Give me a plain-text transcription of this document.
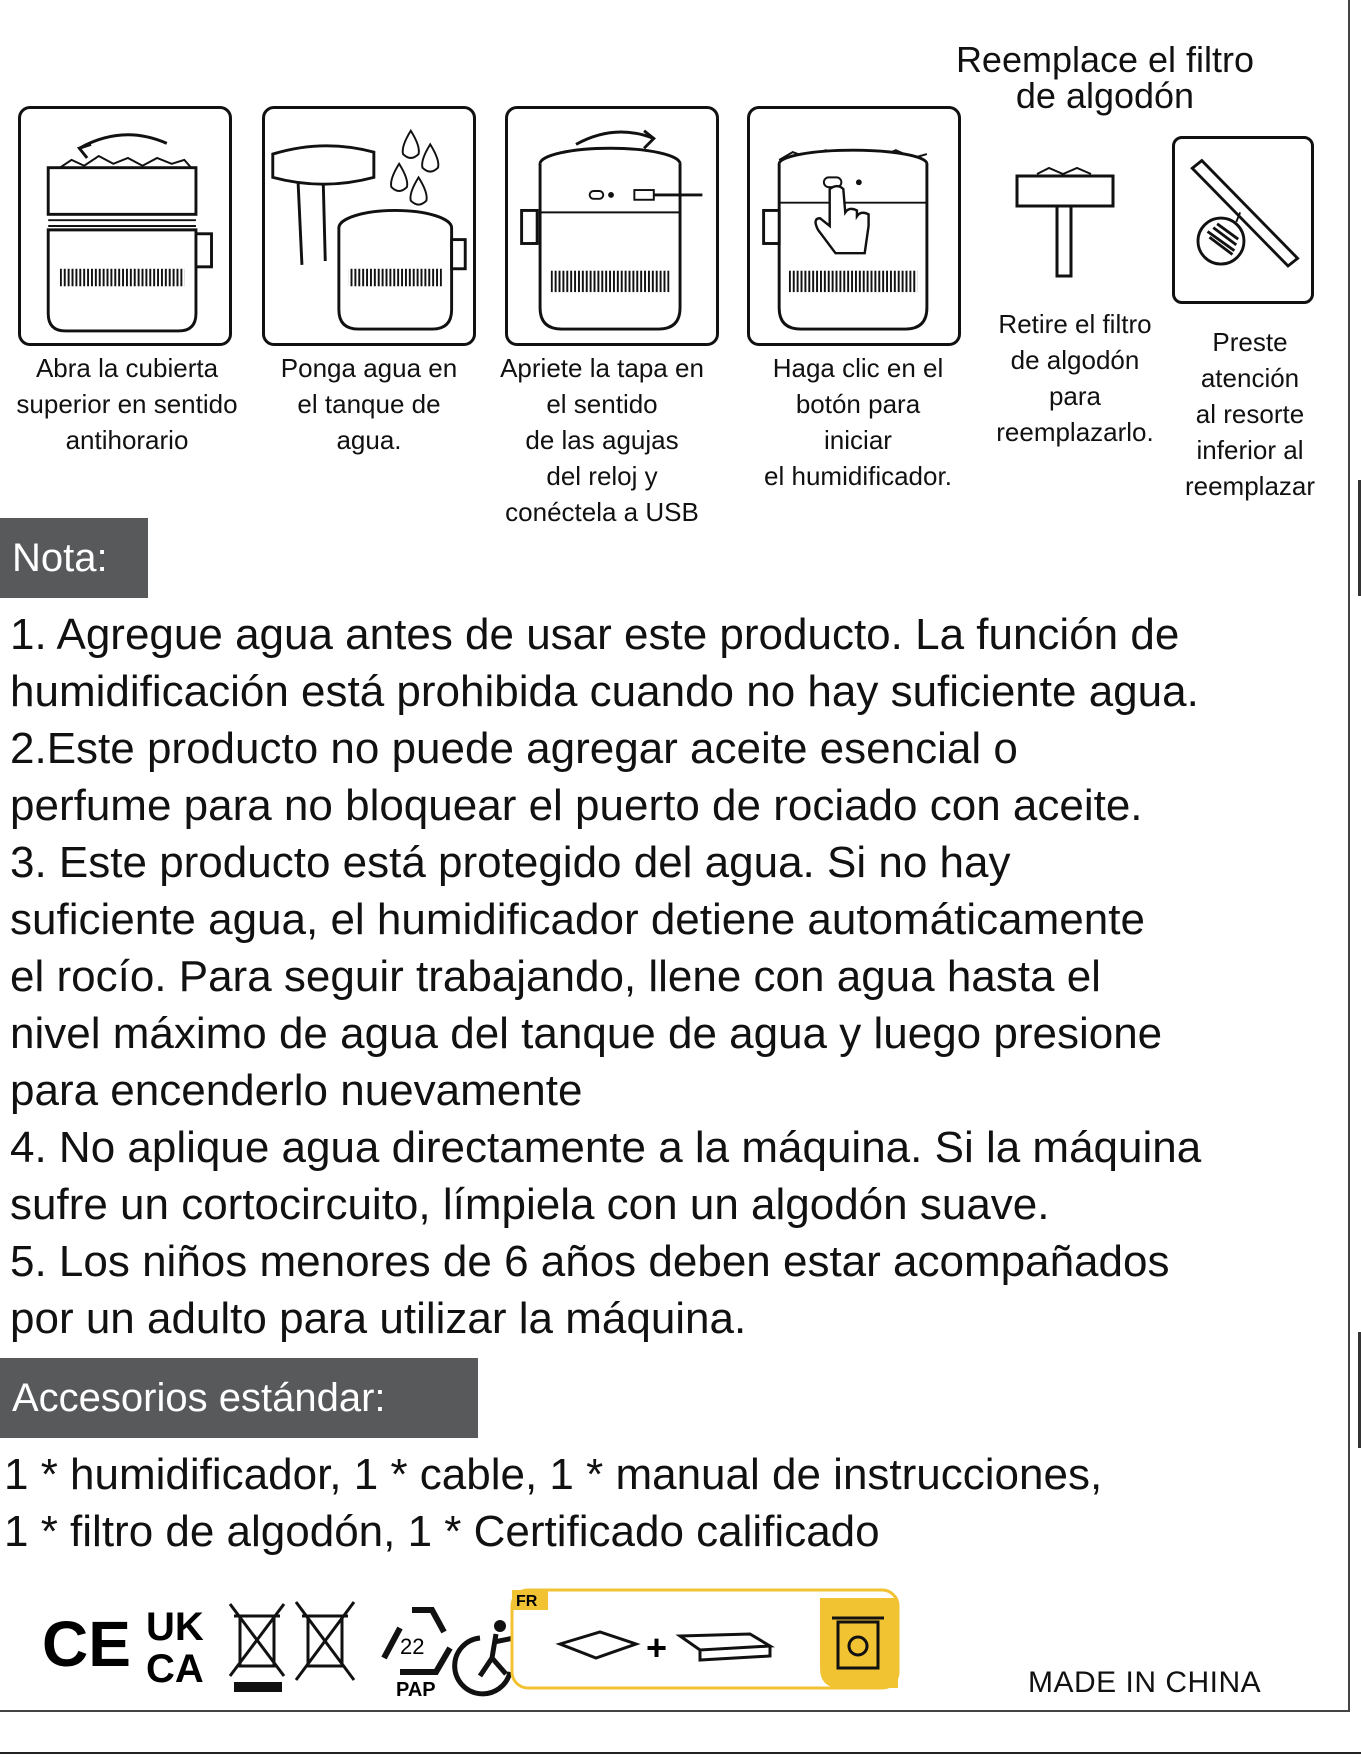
Reemplace el filtro
de algodón
Abra la cubierta
superior en sentido
antihorario
Ponga agua en
el tanque de
agua.
Apriete la tapa en
el sentido
de las agujas
del reloj y
conéctela a USB
Haga clic en el
botón para
iniciar
el humidificador.
Retire el filtro
de algodón
para
reemplazarlo.
Preste
atención
al resorte
inferior al
reemplazar
Nota:
1. Agregue agua antes de usar este producto. La función de
humidificación está prohibida cuando no hay suficiente agua.
2.Este producto no puede agregar aceite esencial o
perfume para no bloquear el puerto de rociado con aceite.
3. Este producto está protegido del agua. Si no hay
suficiente agua, el humidificador detiene automáticamente
el rocío. Para seguir trabajando, llene con agua hasta el
nivel máximo de agua del tanque de agua y luego presione
para encenderlo nuevamente
4. No aplique agua directamente a la máquina. Si la máquina
sufre un cortocircuito, límpiela con un algodón suave.
5. Los niños menores de 6 años deben estar acompañados
por un adulto para utilizar la máquina.
Accesorios estándar:
1 * humidificador, 1 * cable, 1 * manual de instrucciones,
1 * filtro de algodón, 1 * Certificado calificado
CE UK
CA
22
PAP
FR
+
MADE IN CHINA
